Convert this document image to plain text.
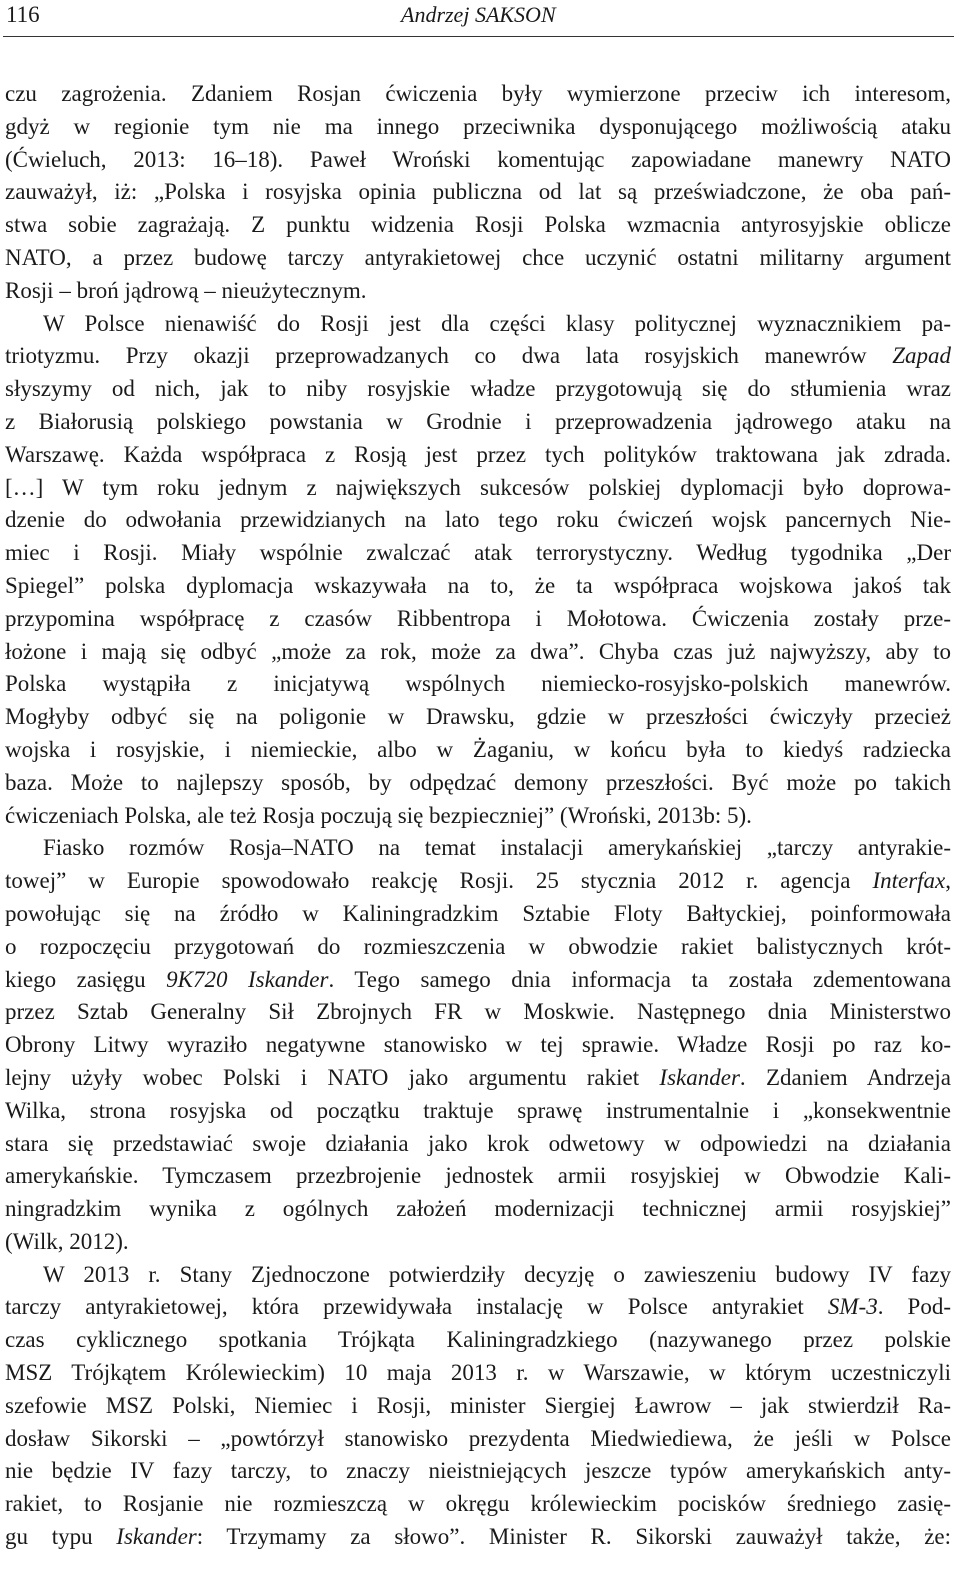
116	Andrzej SAKSON
czu zagrożenia. Zdaniem Rosjan ćwiczenia były wymierzone przeciw ich interesom,
gdyż w regionie tym nie ma innego przeciwnika dysponującego możliwością ataku
(Ćwieluch, 2013: 16–18). Paweł Wroński komentując zapowiadane manewry NATO
zauważył, iż: „Polska i rosyjska opinia publiczna od lat są przeświadczone, że oba pań-
stwa sobie zagrażają. Z punktu widzenia Rosji Polska wzmacnia antyrosyjskie oblicze
NATO, a przez budowę tarczy antyrakietowej chce uczynić ostatni militarny argument
Rosji – broń jądrową – nieużytecznym.
W Polsce nienawiść do Rosji jest dla części klasy politycznej wyznacznikiem pa-
triotyzmu. Przy okazji przeprowadzanych co dwa lata rosyjskich manewrów Zapad
słyszymy od nich, jak to niby rosyjskie władze przygotowują się do stłumienia wraz
z Białorusią polskiego powstania w Grodnie i przeprowadzenia jądrowego ataku na
Warszawę. Każda współpraca z Rosją jest przez tych polityków traktowana jak zdrada.
[…] W tym roku jednym z największych sukcesów polskiej dyplomacji było doprowa-
dzenie do odwołania przewidzianych na lato tego roku ćwiczeń wojsk pancernych Nie-
miec i Rosji. Miały wspólnie zwalczać atak terrorystyczny. Według tygodnika „Der
Spiegel” polska dyplomacja wskazywała na to, że ta współpraca wojskowa jakoś tak
przypomina współpracę z czasów Ribbentropa i Mołotowa. Ćwiczenia zostały prze-
łożone i mają się odbyć „może za rok, może za dwa”. Chyba czas już najwyższy, aby to
Polska wystąpiła z inicjatywą wspólnych niemiecko-rosyjsko-polskich manewrów.
Mogłyby odbyć się na poligonie w Drawsku, gdzie w przeszłości ćwiczyły przecież
wojska i rosyjskie, i niemieckie, albo w Żaganiu, w końcu była to kiedyś radziecka
baza. Może to najlepszy sposób, by odpędzać demony przeszłości. Być może po takich
ćwiczeniach Polska, ale też Rosja poczują się bezpieczniej” (Wroński, 2013b: 5).
Fiasko rozmów Rosja–NATO na temat instalacji amerykańskiej „tarczy antyrakie-
towej” w Europie spowodowało reakcję Rosji. 25 stycznia 2012 r. agencja Interfax,
powołując się na źródło w Kaliningradzkim Sztabie Floty Bałtyckiej, poinformowała
o rozpoczęciu przygotowań do rozmieszczenia w obwodzie rakiet balistycznych krót-
kiego zasięgu 9K720 Iskander. Tego samego dnia informacja ta została zdementowana
przez Sztab Generalny Sił Zbrojnych FR w Moskwie. Następnego dnia Ministerstwo
Obrony Litwy wyraziło negatywne stanowisko w tej sprawie. Władze Rosji po raz ko-
lejny użyły wobec Polski i NATO jako argumentu rakiet Iskander. Zdaniem Andrzeja
Wilka, strona rosyjska od początku traktuje sprawę instrumentalnie i „konsekwentnie
stara się przedstawiać swoje działania jako krok odwetowy w odpowiedzi na działania
amerykańskie. Tymczasem przezbrojenie jednostek armii rosyjskiej w Obwodzie Kali-
ningradzkim wynika z ogólnych założeń modernizacji technicznej armii rosyjskiej”
(Wilk, 2012).
W 2013 r. Stany Zjednoczone potwierdziły decyzję o zawieszeniu budowy IV fazy
tarczy antyrakietowej, która przewidywała instalację w Polsce antyrakiet SM-3. Pod-
czas cyklicznego spotkania Trójkąta Kaliningradzkiego (nazywanego przez polskie
MSZ Trójkątem Królewieckim) 10 maja 2013 r. w Warszawie, w którym uczestniczyli
szefowie MSZ Polski, Niemiec i Rosji, minister Siergiej Ławrow – jak stwierdził Ra-
dosław Sikorski – „powtórzył stanowisko prezydenta Miedwiediewa, że jeśli w Polsce
nie będzie IV fazy tarczy, to znaczy nieistniejących jeszcze typów amerykańskich anty-
rakiet, to Rosjanie nie rozmieszczą w okręgu królewieckim pocisków średniego zasię-
gu typu Iskander: Trzymamy za słowo”. Minister R. Sikorski zauważył także, że:
